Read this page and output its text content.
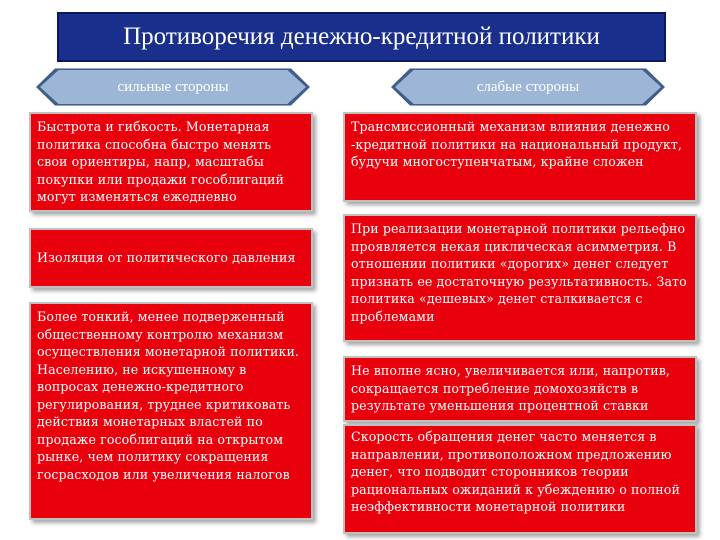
Противоречия денежно-кредитной политики
сильные стороны	слабые стороны
Быстрота и гибкость. Монетарная политика способна быстро менять свои ориентиры, напр, масштабы покупки или продажи гособлигаций могут изменяться ежедневно
Изоляция от политического давления
Более тонкий, менее подверженный общественному контролю механизм осуществления монетарной политики. Населению, не искушенному в вопросах денежно-кредитного регулирования, труднее критиковать действия монетарных властей по продаже гособлигаций на открытом рынке, чем политику сокращения госрасходов или увеличения налогов
Трансмиссионный механизм влияния денежно -кредитной политики на национальный продукт, будучи многоступенчатым, крайне сложен
При реализации монетарной политики рельефно проявляется некая циклическая асимметрия. В отношении политики «дорогих» денег следует признать ее достаточную результативность. Зато политика «дешевых» денег сталкивается с проблемами
Не вполне ясно, увеличивается или, напротив, сокращается потребление домохозяйств в результате уменьшения процентной ставки
Скорость обращения денег часто меняется в направлении, противоположном предложению денег, что подводит сторонников теории рациональных ожиданий к убеждению о полной неэффективности монетарной политики
